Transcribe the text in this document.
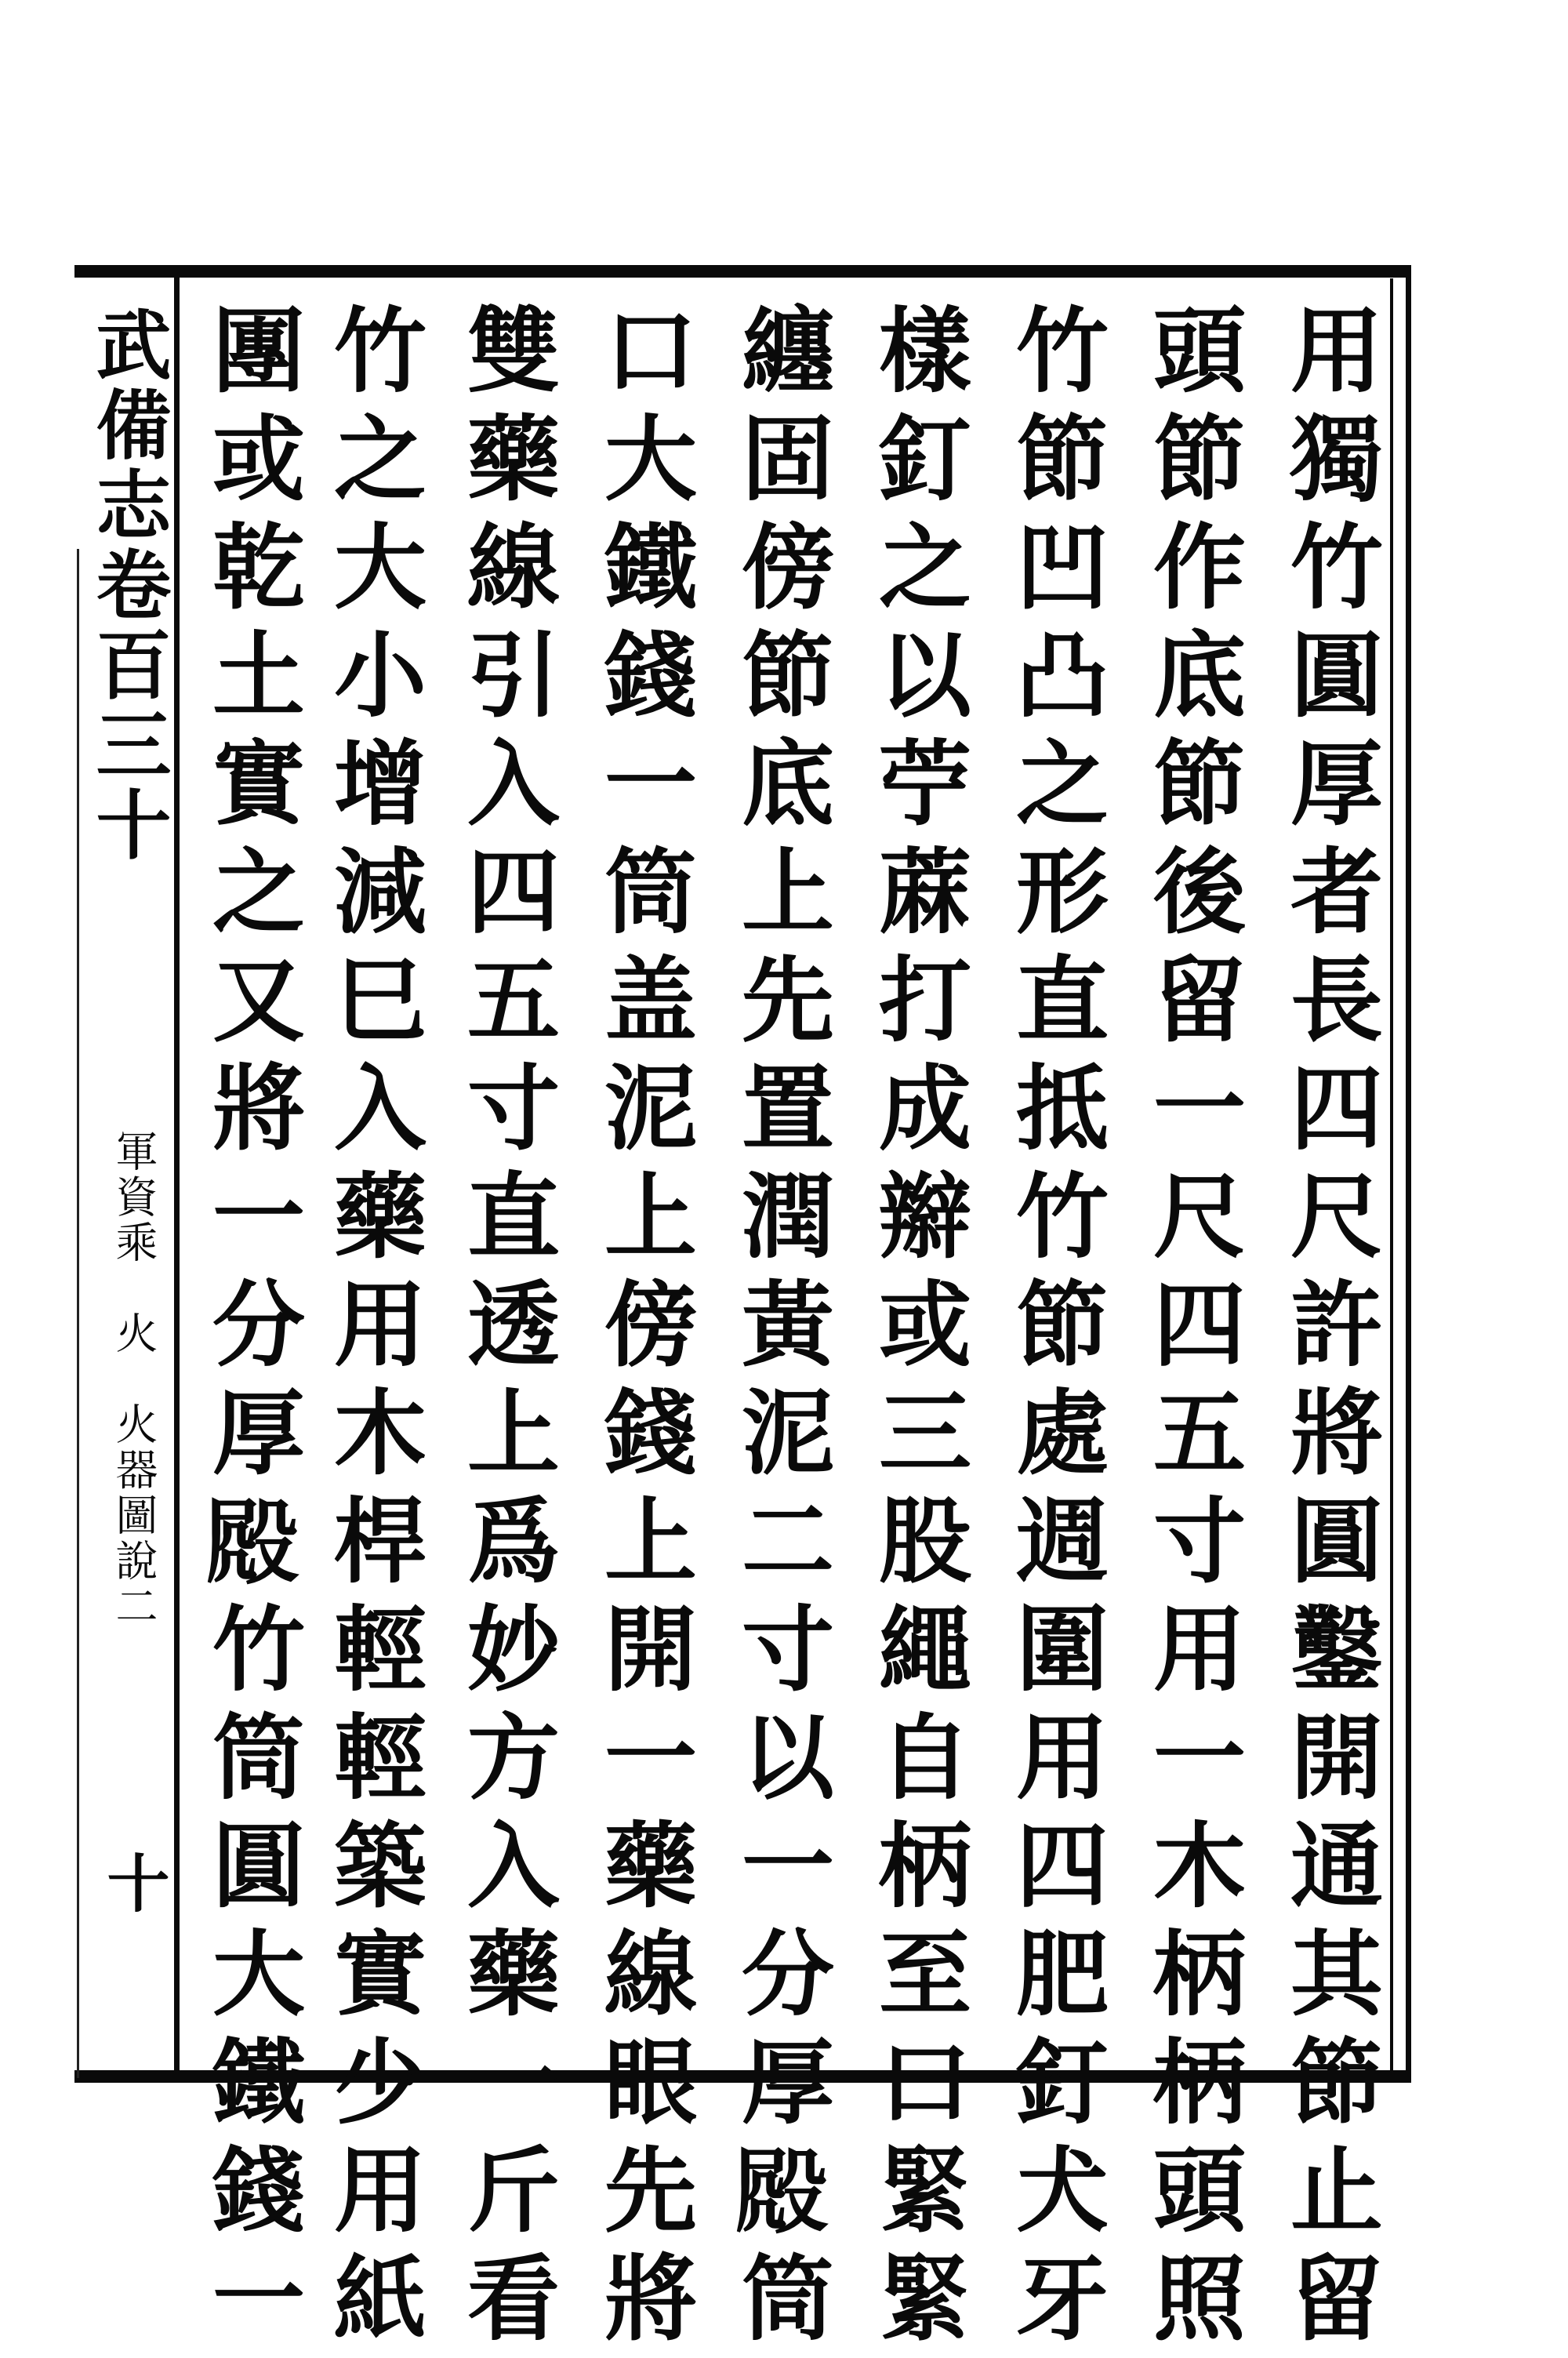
武備志卷百三十
軍資乘　火　火器圖說二
十	用獨竹圓厚者長四尺許將圓鑿開通其節止留
頭節作底節後留一尺四五寸用一木柄柄頭照
竹節凹凸之形直抵竹節處週圍用四肥釘犬牙
樣釘之以苧蔴打成辮或三股繩自柄至口緊緊
纏固傍節底上先置潤黃泥二寸以一分厚𣪍筒
口大鐵錢一筒盖泥上傍錢上開一藥線眼先將
雙藥線引入四五寸直透上爲妙方入藥一斤看
竹之大小增減巳入藥用木桿輕輕築實少用紙
團或乾土實之又將一分厚𣪍竹筒圓大鐵錢一
